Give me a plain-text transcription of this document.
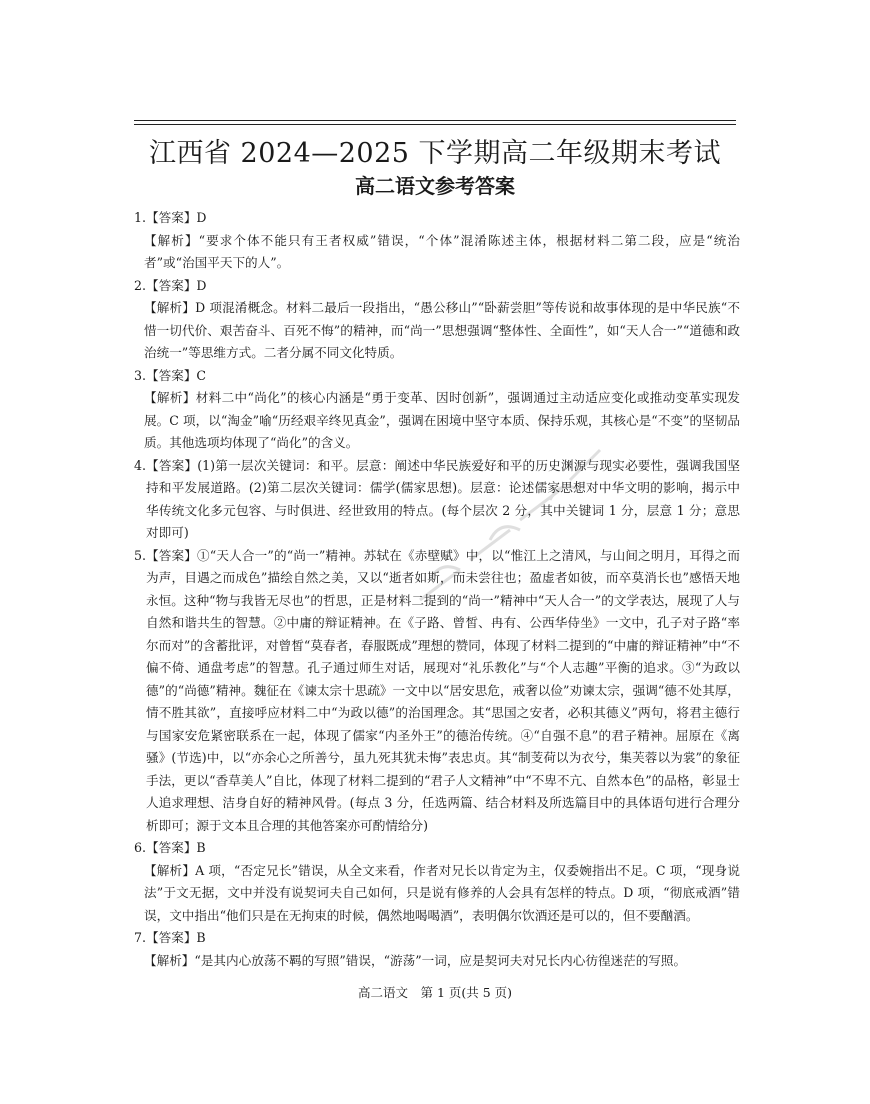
江西省 2024—2025 下学期高二年级期末考试
高二语文参考答案
1.【答案】D
【解析】“要求个体不能只有王者权威”错误，“个体”混淆陈述主体，根据材料二第二段，应是“统治者”或“治国平天下的人”。
2.【答案】D
【解析】D 项混淆概念。材料二最后一段指出，“愚公移山”“卧薪尝胆”等传说和故事体现的是中华民族“不惜一切代价、艰苦奋斗、百死不悔”的精神，而“尚一”思想强调“整体性、全面性”，如“天人合一”“道德和政治统一”等思维方式。二者分属不同文化特质。
3.【答案】C
【解析】材料二中“尚化”的核心内涵是“勇于变革、因时创新”，强调通过主动适应变化或推动变革实现发展。C 项，以“淘金”喻“历经艰辛终见真金”，强调在困境中坚守本质、保持乐观，其核心是“不变”的坚韧品质。其他选项均体现了“尚化”的含义。
4. 【答案】(1)第一层次关键词：和平。层意：阐述中华民族爱好和平的历史渊源与现实必要性，强调我国坚持和平发展道路。(2)第二层次关键词：儒学(儒家思想)。层意：论述儒家思想对中华文明的影响，揭示中华传统文化多元包容、与时俱进、经世致用的特点。(每个层次 2 分，其中关键词 1 分，层意 1 分；意思对即可)
5. 【答案】①“天人合一”的“尚一”精神。苏轼在《赤壁赋》中，以“惟江上之清风，与山间之明月，耳得之而为声，目遇之而成色”描绘自然之美，又以“逝者如斯，而未尝往也；盈虚者如彼，而卒莫消长也”感悟天地永恒。这种“物与我皆无尽也”的哲思，正是材料二提到的“尚一”精神中“天人合一”的文学表达，展现了人与自然和谐共生的智慧。②中庸的辩证精神。在《子路、曾皙、冉有、公西华侍坐》一文中，孔子对子路“率尔而对”的含蓄批评，对曾皙“莫春者，春服既成”理想的赞同，体现了材料二提到的“中庸的辩证精神”中“不偏不倚、通盘考虑”的智慧。孔子通过师生对话，展现对“礼乐教化”与“个人志趣”平衡的追求。③“为政以德”的“尚德”精神。魏征在《谏太宗十思疏》一文中以“居安思危，戒奢以俭”劝谏太宗，强调“德不处其厚，情不胜其欲”，直接呼应材料二中“为政以德”的治国理念。其“思国之安者，必积其德义”两句，将君主德行与国家安危紧密联系在一起，体现了儒家“内圣外王”的德治传统。④“自强不息”的君子精神。屈原在《离骚》(节选)中，以“亦余心之所善兮，虽九死其犹未悔”表忠贞。其“制芰荷以为衣兮，集芙蓉以为裳”的象征手法，更以“香草美人”自比，体现了材料二提到的“君子人文精神”中“不卑不亢、自然本色”的品格，彰显士人追求理想、洁身自好的精神风骨。(每点 3 分，任选两篇、结合材料及所选篇目中的具体语句进行合理分析即可；源于文本且合理的其他答案亦可酌情给分)
6.【答案】B
【解析】A 项，“否定兄长”错误，从全文来看，作者对兄长以肯定为主，仅委婉指出不足。C 项，“现身说法”于文无据，文中并没有说契诃夫自己如何，只是说有修养的人会具有怎样的特点。D 项，“彻底戒酒”错误，文中指出“他们只是在无拘束的时候，偶然地喝喝酒”，表明偶尔饮酒还是可以的，但不要酗酒。
7.【答案】B
【解析】“是其内心放荡不羁的写照”错误，“游荡”一词，应是契诃夫对兄长内心彷徨迷茫的写照。
高二语文　第 1 页(共 5 页)
